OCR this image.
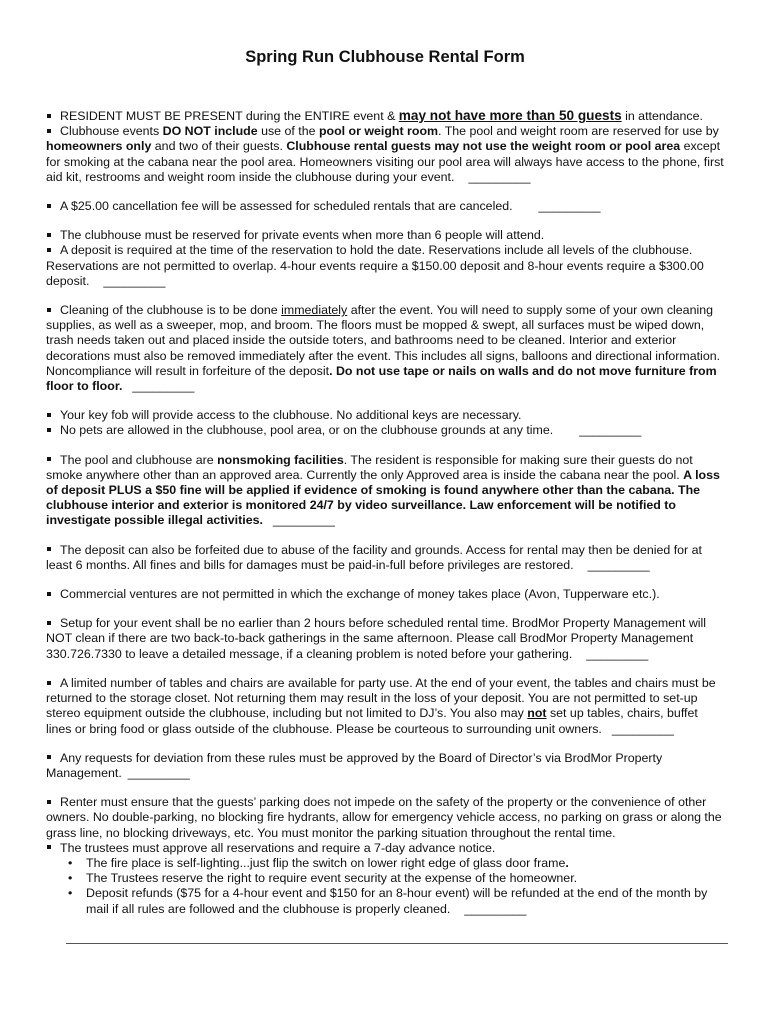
Spring Run Clubhouse Rental Form

RESIDENT MUST BE PRESENT during the ENTIRE event & may not have more than 50 guests in attendance.

Clubhouse events DO NOT include use of the pool or weight room. The pool and weight room are reserved for use by homeowners only and two of their guests. Clubhouse rental guests may not use the weight room or pool area except for smoking at the cabana near the pool area. Homeowners visiting our pool area will always have access to the phone, first aid kit, restrooms and weight room inside the clubhouse during your event. _________

A $25.00 cancellation fee will be assessed for scheduled rentals that are canceled. _________

The clubhouse must be reserved for private events when more than 6 people will attend.

A deposit is required at the time of the reservation to hold the date. Reservations include all levels of the clubhouse. Reservations are not permitted to overlap. 4-hour events require a $150.00 deposit and 8-hour events require a $300.00 deposit. _________

Cleaning of the clubhouse is to be done immediately after the event. You will need to supply some of your own cleaning supplies, as well as a sweeper, mop, and broom. The floors must be mopped & swept, all surfaces must be wiped down, trash needs taken out and placed inside the outside toters, and bathrooms need to be cleaned. Interior and exterior decorations must also be removed immediately after the event. This includes all signs, balloons and directional information. Noncompliance will result in forfeiture of the deposit. Do not use tape or nails on walls and do not move furniture from floor to floor. _________

Your key fob will provide access to the clubhouse. No additional keys are necessary.

No pets are allowed in the clubhouse, pool area, or on the clubhouse grounds at any time. _________

The pool and clubhouse are nonsmoking facilities. The resident is responsible for making sure their guests do not smoke anywhere other than an approved area. Currently the only Approved area is inside the cabana near the pool. A loss of deposit PLUS a $50 fine will be applied if evidence of smoking is found anywhere other than the cabana. The clubhouse interior and exterior is monitored 24/7 by video surveillance. Law enforcement will be notified to investigate possible illegal activities. _________

The deposit can also be forfeited due to abuse of the facility and grounds. Access for rental may then be denied for at least 6 months. All fines and bills for damages must be paid-in-full before privileges are restored. _________

Commercial ventures are not permitted in which the exchange of money takes place (Avon, Tupperware etc.).

Setup for your event shall be no earlier than 2 hours before scheduled rental time. BrodMor Property Management will NOT clean if there are two back-to-back gatherings in the same afternoon. Please call BrodMor Property Management 330.726.7330 to leave a detailed message, if a cleaning problem is noted before your gathering. _________

A limited number of tables and chairs are available for party use. At the end of your event, the tables and chairs must be returned to the storage closet. Not returning them may result in the loss of your deposit. You are not permitted to set-up stereo equipment outside the clubhouse, including but not limited to DJ’s. You also may not set up tables, chairs, buffet lines or bring food or glass outside of the clubhouse. Please be courteous to surrounding unit owners. _________

Any requests for deviation from these rules must be approved by the Board of Director’s via BrodMor Property Management. _________

Renter must ensure that the guests’ parking does not impede on the safety of the property or the convenience of other owners. No double-parking, no blocking fire hydrants, allow for emergency vehicle access, no parking on grass or along the grass line, no blocking driveways, etc. You must monitor the parking situation throughout the rental time.

The trustees must approve all reservations and require a 7-day advance notice.

• The fire place is self-lighting...just flip the switch on lower right edge of glass door frame.
• The Trustees reserve the right to require event security at the expense of the homeowner.
• Deposit refunds ($75 for a 4-hour event and $150 for an 8-hour event) will be refunded at the end of the month by mail if all rules are followed and the clubhouse is properly cleaned. _________
